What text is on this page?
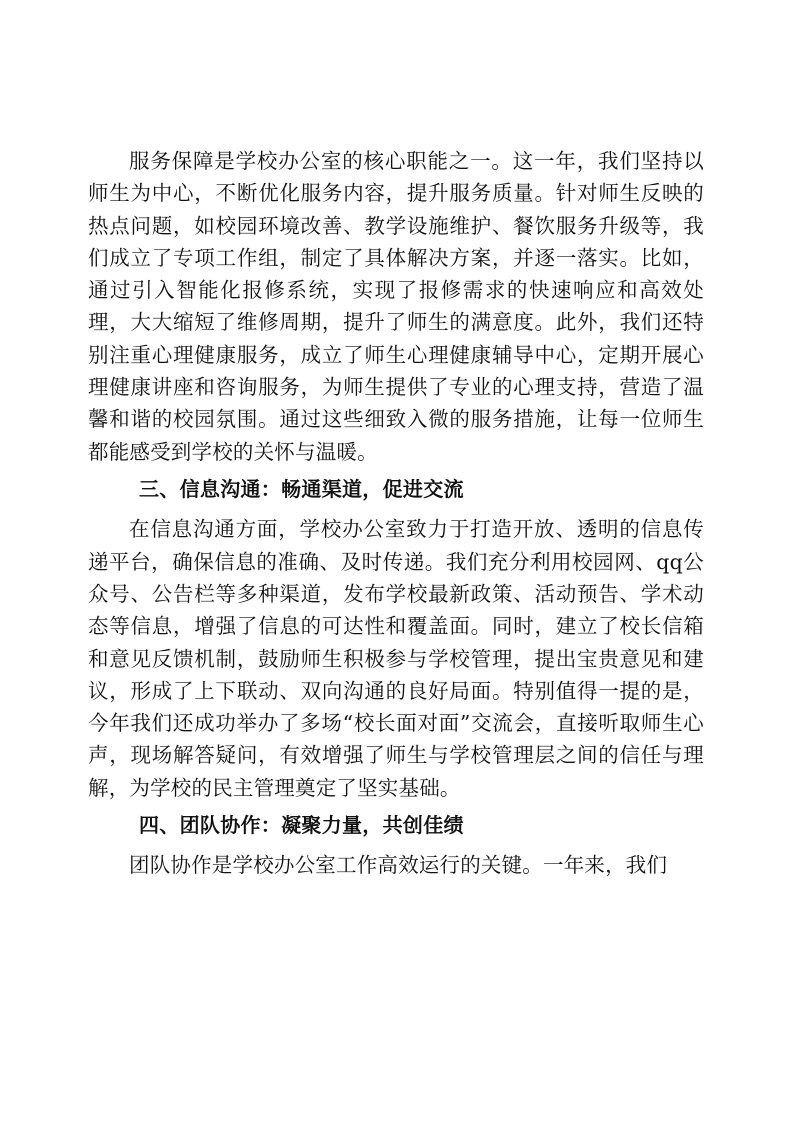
服务保障是学校办公室的核心职能之一。这一年，我们坚持以师生为中心，不断优化服务内容，提升服务质量。针对师生反映的热点问题，如校园环境改善、教学设施维护、餐饮服务升级等，我们成立了专项工作组，制定了具体解决方案，并逐一落实。比如，通过引入智能化报修系统，实现了报修需求的快速响应和高效处理，大大缩短了维修周期，提升了师生的满意度。此外，我们还特别注重心理健康服务，成立了师生心理健康辅导中心，定期开展心理健康讲座和咨询服务，为师生提供了专业的心理支持，营造了温馨和谐的校园氛围。通过这些细致入微的服务措施，让每一位师生都能感受到学校的关怀与温暖。

三、信息沟通：畅通渠道，促进交流

在信息沟通方面，学校办公室致力于打造开放、透明的信息传递平台，确保信息的准确、及时传递。我们充分利用校园网、qq公众号、公告栏等多种渠道，发布学校最新政策、活动预告、学术动态等信息，增强了信息的可达性和覆盖面。同时，建立了校长信箱和意见反馈机制，鼓励师生积极参与学校管理，提出宝贵意见和建议，形成了上下联动、双向沟通的良好局面。特别值得一提的是，今年我们还成功举办了多场“校长面对面”交流会，直接听取师生心声，现场解答疑问，有效增强了师生与学校管理层之间的信任与理解，为学校的民主管理奠定了坚实基础。

四、团队协作：凝聚力量，共创佳绩

团队协作是学校办公室工作高效运行的关键。一年来，我们
